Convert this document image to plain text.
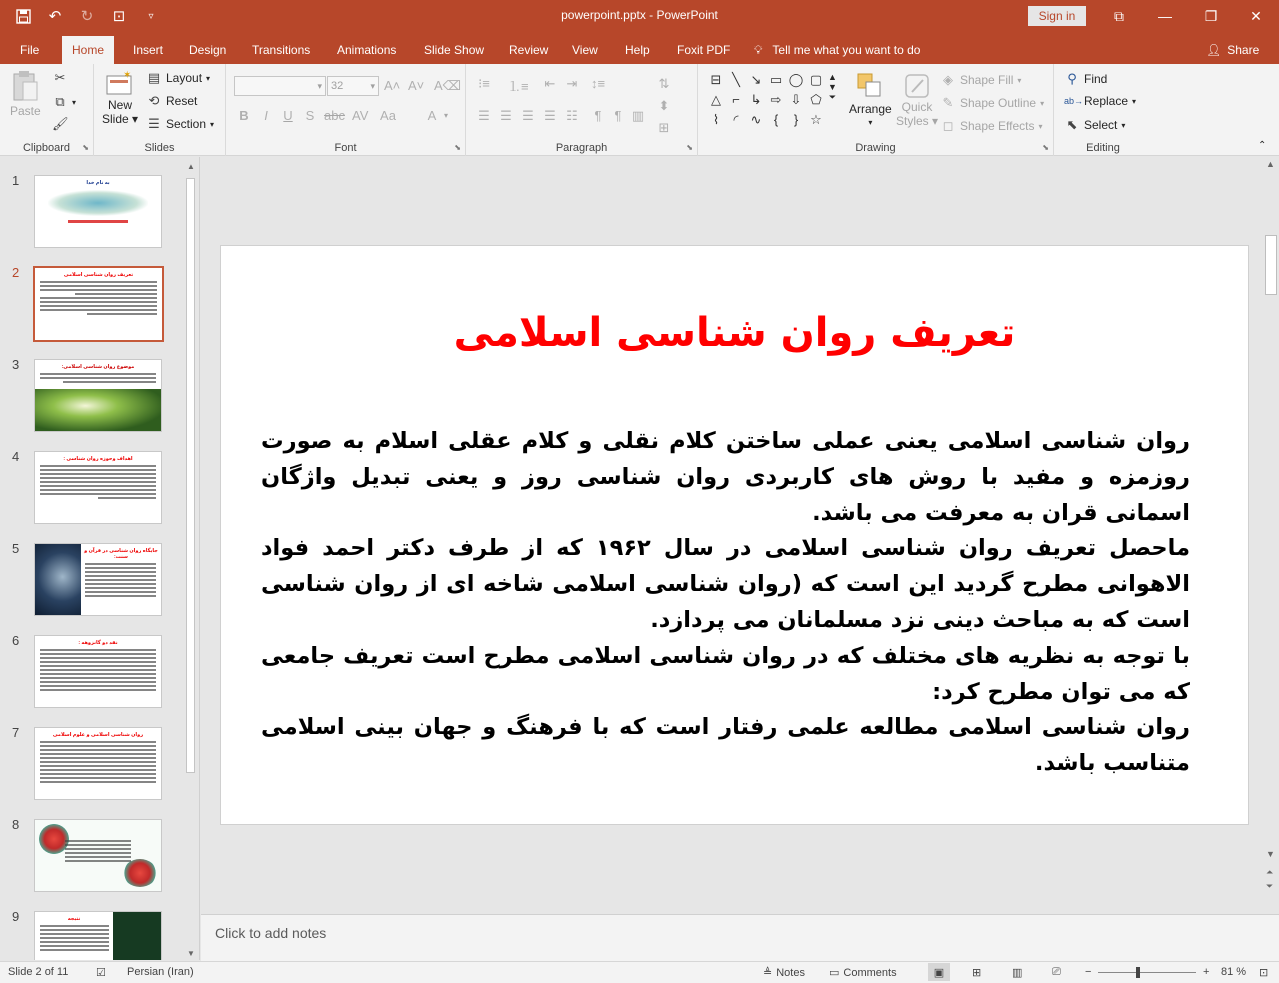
↶	↻	⊡	▿	powerpoint.pptx - PowerPoint	Sign in	⧉	—	❐	✕
File	Home	Insert	Design	Transitions	Animations	Slide Show	Review	View	Help	Foxit PDF	💡︎ Tell me what you want to do	👤︎ Share
Paste
✂
⧉ ▾
🖌︎
Clipboard	⬊
✶
New
Slide ▾
▤ Layout ▾
⟲ Reset
☰ Section ▾
Slides
▾ 32	▾ A˄ A˅ A⌫
B	I	U S abc AV Aa A ▾
Font	⬊
⁝≡ ⒈≡ ⇤ ⇥ ↕≡	⇅
⬍
⊞
☰ ☰ ☰ ☰ ☷	¶	¶ ▥
Paragraph	⬊	Drawing	⬊
⊟ ╲ ↘ ▭ ◯ ▢
△ ⌐ ↳ ⇨ ⇩ ⬠
⌇	◜ ∿ {	} ☆
▲
▼
⏷
Arrange
▾
Quick
Styles ▾
◈ Shape Fill ▾
✎ Shape Outline ▾
◻ Shape Effects ▾
⚲ Find
ab→ Replace ▾
⬉ Select ▾
Editing	⌃
1	به نام خدا
2	تعریف روان شناسی اسلامی
3	موضوع روان شناسی اسلامی:
4	اهداف وحوزه روان شناسی :
5	جایگاه روان شناسی در قرآن و سنت:
6	نقد دو گانزوهه :
7	روان شناسی اسلامی و علوم اسلامی
8
9	نتیجه
▲
▼
تعریف روان شناسی اسلامی

روان شناسی اسلامی یعنی عملی ساختن کلام نقلی و کلام عقلی اسلام به صورت روزمزه و مفید با روش های کاربردی روان شناسی روز و یعنی تبدیل واژگان اسمانی قران به معرفت می باشد.

ماحصل تعریف روان شناسی اسلامی در سال ۱۹۶۲ که از طرف دکتر احمد فواد الاهوانی مطرح گردید این است که (روان شناسی اسلامی شاخه ای از روان شناسی است که به مباحث دینی نزد مسلمانان می پردازد.

با توجه به نظریه های مختلف که در روان شناسی اسلامی مطرح است تعریف جامعی که می توان مطرح کرد:

روان شناسی اسلامی مطالعه علمی رفتار است که با فرهنگ و جهان بینی اسلامی متناسب باشد.

▲
▼
⏶
⏷
Click to add notes
Slide 2 of 11	☑ Persian (Iran)	≜ Notes ▭ Comments	▣	⊞	▥	⎚ −	+ 81 % ⊡
